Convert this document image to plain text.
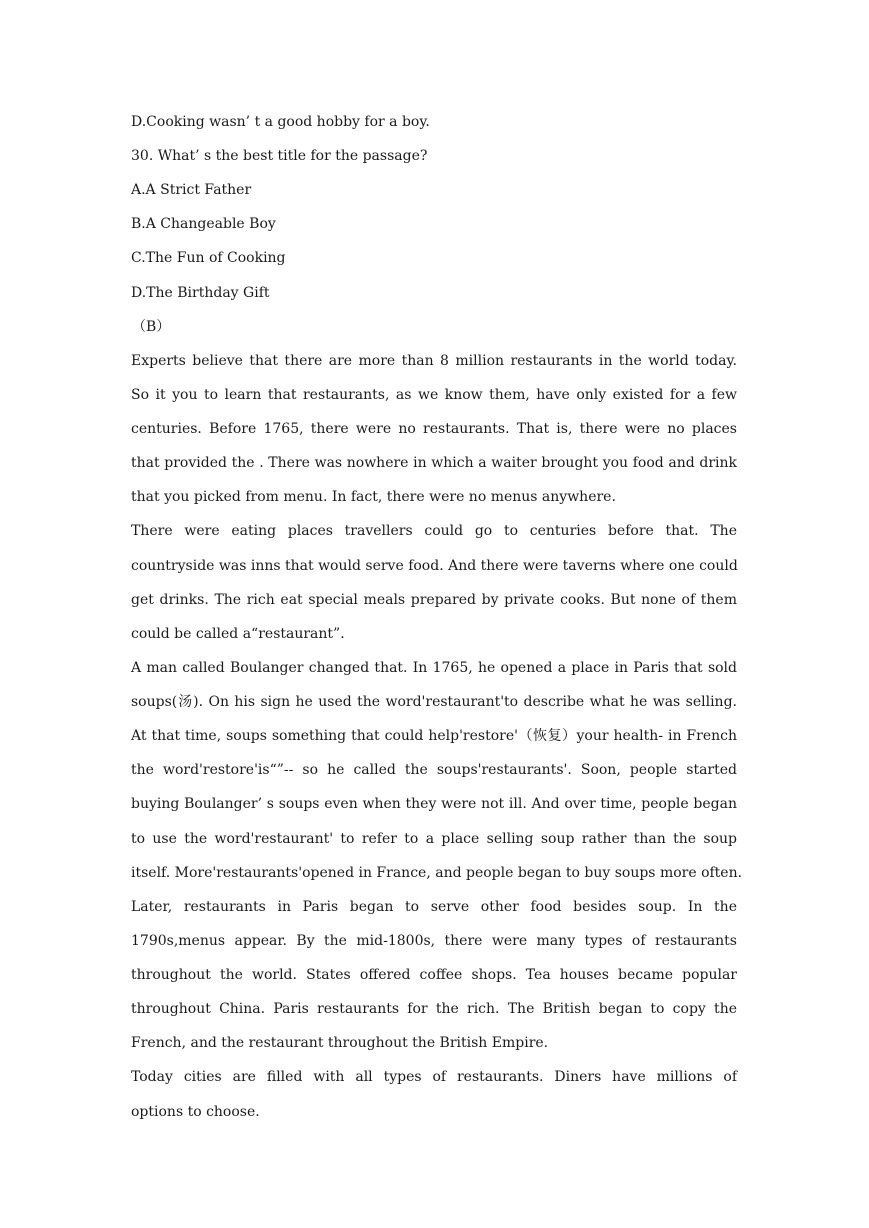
D.Cooking wasn’ t a good hobby for a boy.
30. What’ s the best title for the passage?
A.A Strict Father
B.A Changeable Boy
C.The Fun of Cooking
D.The Birthday Gift
（B）
Experts believe that there are more than 8 million restaurants in the world today.
So it you to learn that restaurants, as we know them, have only existed for a few
centuries. Before 1765, there were no restaurants. That is, there were no places
that provided the . There was nowhere in which a waiter brought you food and drink
that you picked from menu. In fact, there were no menus anywhere.
There were eating places travellers could go to centuries before that. The
countryside was inns that would serve food. And there were taverns where one could
get drinks. The rich eat special meals prepared by private cooks. But none of them
could be called a“restaurant”.
A man called Boulanger changed that. In 1765, he opened a place in Paris that sold
soups(汤). On his sign he used the word'restaurant'to describe what he was selling.
At that time, soups something that could help'restore'（恢复）your health- in French
the word'restore'is“”-- so he called the soups'restaurants'. Soon, people started
buying Boulanger’ s soups even when they were not ill. And over time, people began
to use the word'restaurant' to refer to a place selling soup rather than the soup
itself. More'restaurants'opened in France, and people began to buy soups more often.
Later, restaurants in Paris began to serve other food besides soup. In the
1790s,menus appear. By the mid-1800s, there were many types of restaurants
throughout the world. States offered coffee shops. Tea houses became popular
throughout China. Paris restaurants for the rich. The British began to copy the
French, and the restaurant throughout the British Empire.
Today cities are filled with all types of restaurants. Diners have millions of
options to choose.
